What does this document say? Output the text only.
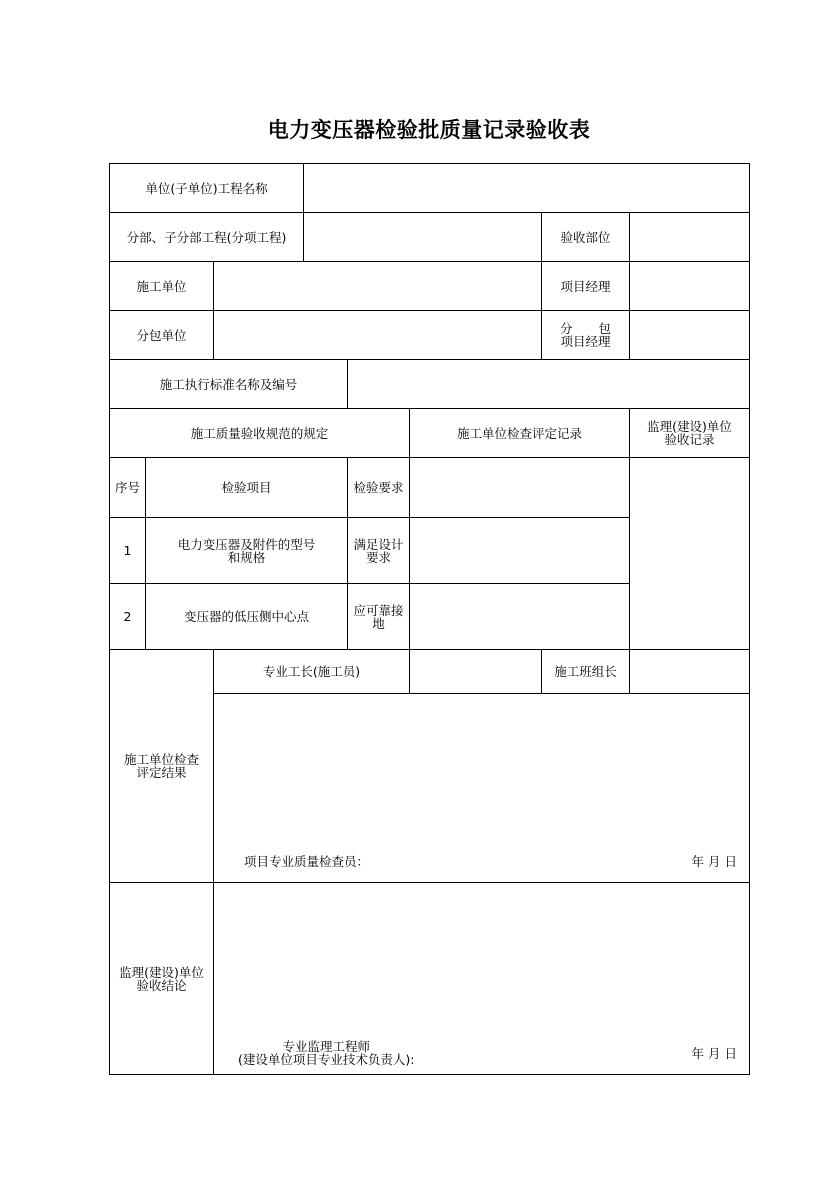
电力变压器检验批质量记录验收表
单位(子单位)工程名称							
分部、子分部工程(分项工程)						验收部位	
施工单位						项目经理	
分包单位						分 包
项目经理	

施工执行标准名称及编号							
施工质量验收规范的规定					施工单位检查评定记录		监理(建设)单位
验收记录

序号	检验项目			检验要求			
1	电力变压器及附件的型号
和规格			满足设计要求			
2	变压器的低压侧中心点			应可靠接地			

施工单位检查
评定结果		专业工长(施工员)				施工班组长	

		项目专业质量检查员： 年 月 日					

监理(建设)单位
验收结论		专业监理工程师
(建设单位项目专业技术负责人): 年 月 日					
